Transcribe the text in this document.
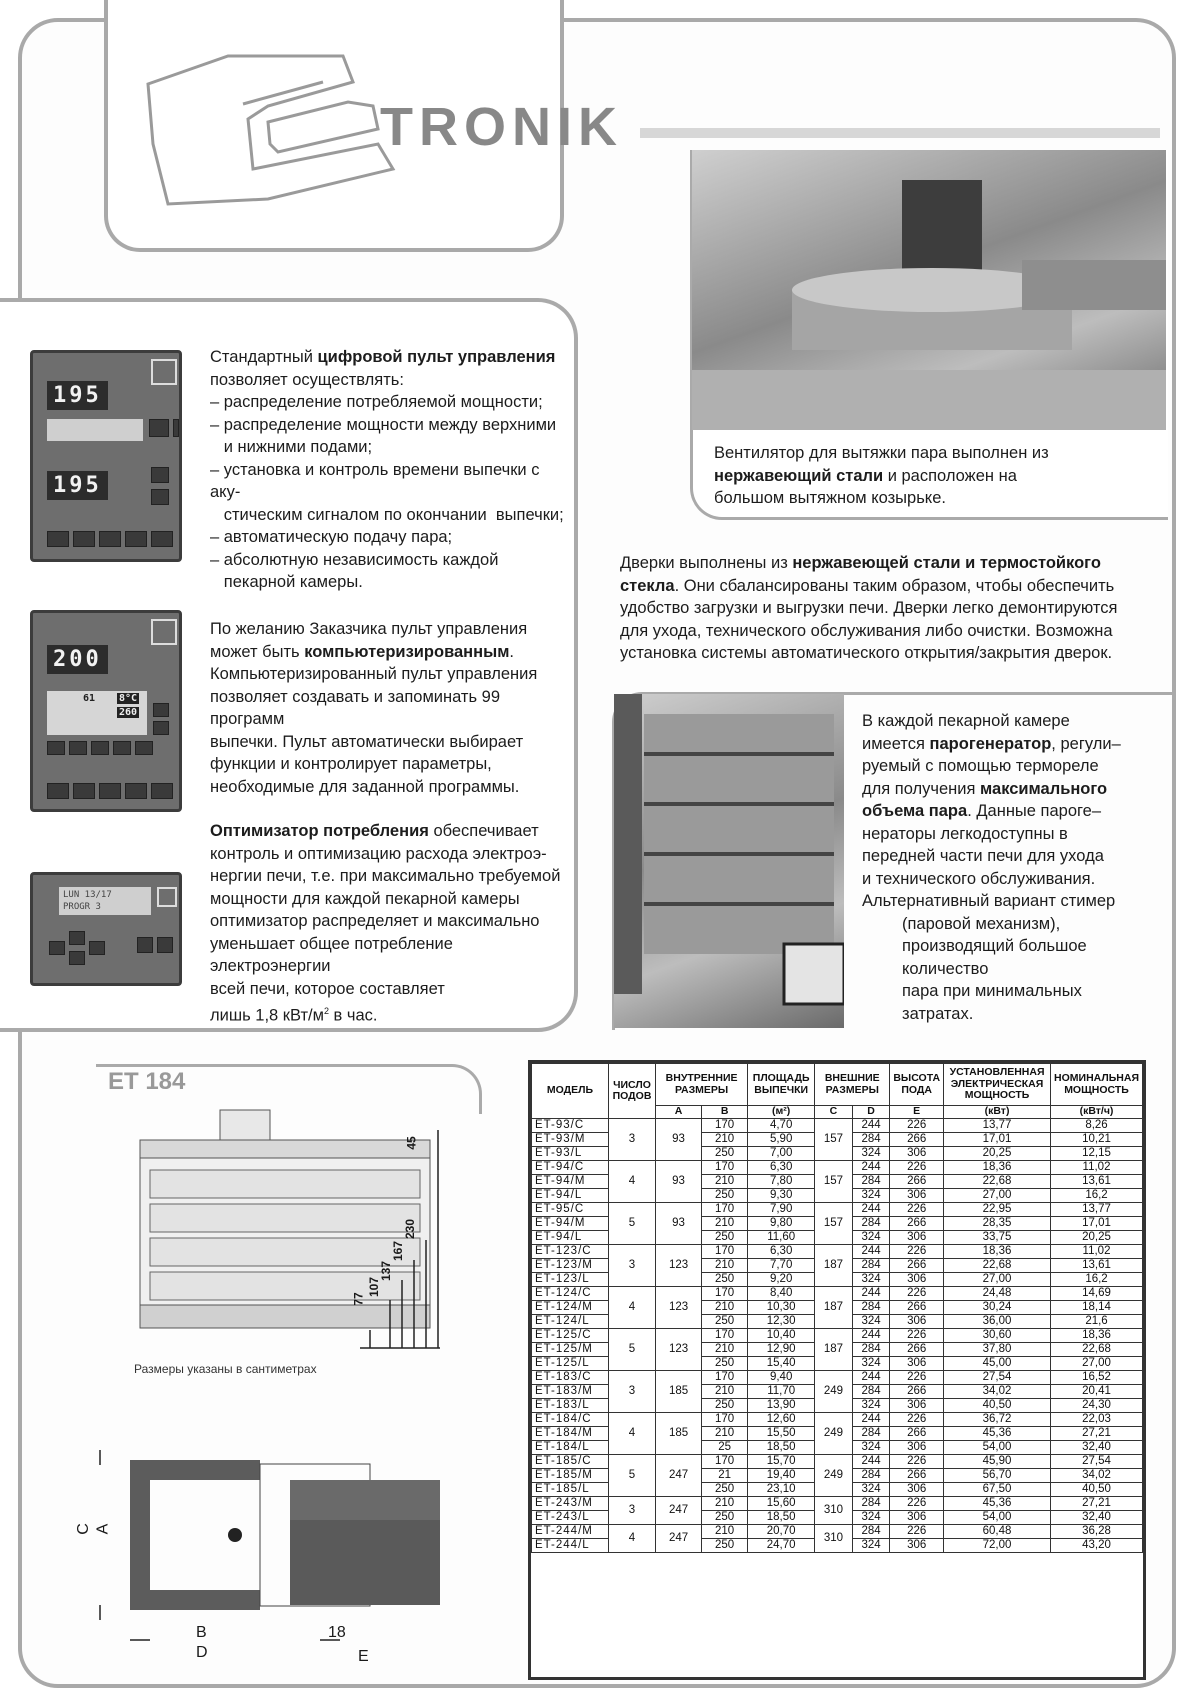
TRONIK
195
195
Стандартный цифровой пульт управления
позволяет осуществлять:
– распределение потребляемой мощности;
– распределение мощности между верхними
и нижними подами;
– установка и контроль времени выпечки с аку-
стическим сигналом по окончании  выпечки;
– автоматическую подачу пара;
– абсолютную независимость каждой
пекарной камеры.
200
61 8°C
260
По желанию Заказчика пульт управления
может быть компьютеризированным.
Компьютеризированный пульт управления
позволяет создавать и запоминать 99 программ
выпечки. Пульт автоматически выбирает
функции и контролирует параметры,
необходимые для заданной программы.
LUN 13/17
PROGR 3
Оптимизатор потребления обеспечивает
контроль и оптимизацию расхода электроэ-
нергии печи, т.е. при максимально требуемой
мощности для каждой пекарной камеры
оптимизатор распределяет и максимально
уменьшает общее потребление электроэнергии
всей печи, которое составляет
лишь 1,8 кВт/$м^2$ в час.
Вентилятор для вытяжки пара выполнен из
нержавеющий стали и расположен на
большом вытяжном козырьке.
Дверки выполнены из нержавеющей стали и термостойкого
стекла. Они сбалансированы таким образом, чтобы обеспечить
удобство загрузки и выгрузки печи. Дверки легко демонтируются
для ухода, технического обслуживания либо очистки. Возможна
установка системы автоматического открытия/закрытия дверок.
В каждой пекарной камере
имеется парогенератор, регули–
руемый с помощью термореле
для получения максимального
объема пара. Данные пароге–
нераторы легкодоступны в
передней части печи для ухода
и технического обслуживания.
Альтернативный вариант стимер
(паровой механизм),
производящий большое
количество
пара при минимальных
затратах.
ET 184
45
77
107
137
167
230
Размеры указаны в сантиметрах
C A
B
D
18
E
МОДЕЛЬ	ЧИСЛО ПОДОВ	ВНУТРЕННИЕ РАЗМЕРЫ		ПЛОЩАДЬ ВЫПЕЧКИ	ВНЕШНИЕ РАЗМЕРЫ		ВЫСОТА ПОДА	УСТАНОВЛЕННАЯ ЭЛЕКТРИЧЕСКАЯ МОЩНОСТЬ	НОМИНАЛЬНАЯ МОЩНОСТЬ
		A	B	(м²)	C	D	E	(кВт)	(кВт/ч)
ET-93/C	3	93	170	4,70	157	244	226	13,77	8,26
ET-93/M			210	5,90		284	266	17,01	10,21
ET-93/L			250	7,00		324	306	20,25	12,15
ET-94/C	4	93	170	6,30	157	244	226	18,36	11,02
ET-94/M			210	7,80		284	266	22,68	13,61
ET-94/L			250	9,30		324	306	27,00	16,2
ET-95/C	5	93	170	7,90	157	244	226	22,95	13,77
ET-94/M			210	9,80		284	266	28,35	17,01
ET-94/L			250	11,60		324	306	33,75	20,25
ET-123/C	3	123	170	6,30	187	244	226	18,36	11,02
ET-123/M			210	7,70		284	266	22,68	13,61
ET-123/L			250	9,20		324	306	27,00	16,2
ET-124/C	4	123	170	8,40	187	244	226	24,48	14,69
ET-124/M			210	10,30		284	266	30,24	18,14
ET-124/L			250	12,30		324	306	36,00	21,6
ET-125/C	5	123	170	10,40	187	244	226	30,60	18,36
ET-125/M			210	12,90		284	266	37,80	22,68
ET-125/L			250	15,40		324	306	45,00	27,00
ET-183/C	3	185	170	9,40	249	244	226	27,54	16,52
ET-183/M			210	11,70		284	266	34,02	20,41
ET-183/L			250	13,90		324	306	40,50	24,30
ET-184/C	4	185	170	12,60	249	244	226	36,72	22,03
ET-184/M			210	15,50		284	266	45,36	27,21
ET-184/L			25	18,50		324	306	54,00	32,40
ET-185/C	5	247	170	15,70	249	244	226	45,90	27,54
ET-185/M			21	19,40		284	266	56,70	34,02
ET-185/L			250	23,10		324	306	67,50	40,50
ET-243/M	3	247	210	15,60	310	284	226	45,36	27,21
ET-243/L			250	18,50		324	306	54,00	32,40
ET-244/M	4	247	210	20,70	310	284	226	60,48	36,28
ET-244/L			250	24,70		324	306	72,00	43,20
